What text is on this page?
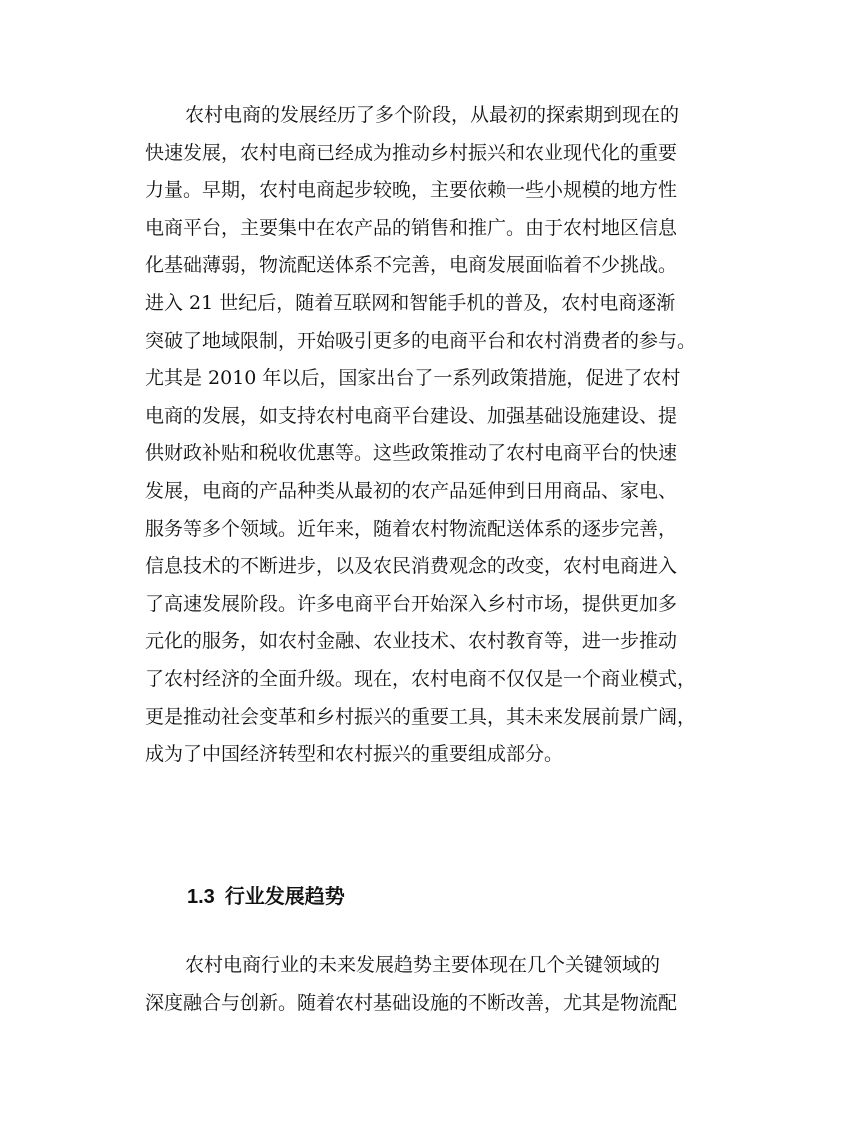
农村电商的发展经历了多个阶段，从最初的探索期到现在的
快速发展，农村电商已经成为推动乡村振兴和农业现代化的重要
力量。早期，农村电商起步较晚，主要依赖一些小规模的地方性
电商平台，主要集中在农产品的销售和推广。由于农村地区信息
化基础薄弱，物流配送体系不完善，电商发展面临着不少挑战。
进入 21 世纪后，随着互联网和智能手机的普及，农村电商逐渐
突破了地域限制，开始吸引更多的电商平台和农村消费者的参与。
尤其是 2010 年以后，国家出台了一系列政策措施，促进了农村
电商的发展，如支持农村电商平台建设、加强基础设施建设、提
供财政补贴和税收优惠等。这些政策推动了农村电商平台的快速
发展，电商的产品种类从最初的农产品延伸到日用商品、家电、
服务等多个领域。近年来，随着农村物流配送体系的逐步完善，
信息技术的不断进步，以及农民消费观念的改变，农村电商进入
了高速发展阶段。许多电商平台开始深入乡村市场，提供更加多
元化的服务，如农村金融、农业技术、农村教育等，进一步推动
了农村经济的全面升级。现在，农村电商不仅仅是一个商业模式，
更是推动社会变革和乡村振兴的重要工具，其未来发展前景广阔，
成为了中国经济转型和农村振兴的重要组成部分。
1.3 行业发展趋势
农村电商行业的未来发展趋势主要体现在几个关键领域的
深度融合与创新。随着农村基础设施的不断改善，尤其是物流配
